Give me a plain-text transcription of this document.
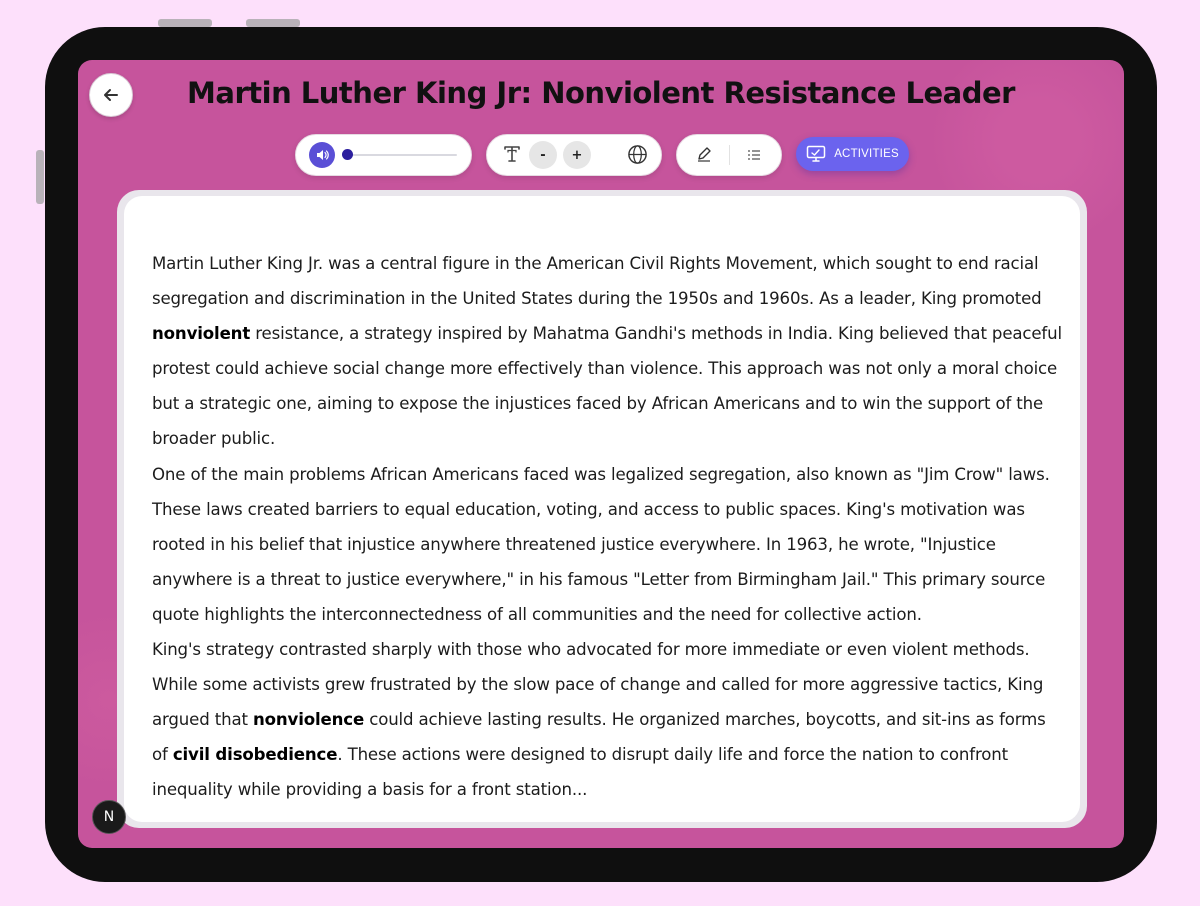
Martin Luther King Jr: Nonviolent Resistance Leader
-	+	ACTIVITIES

Martin Luther King Jr. was a central figure in the American Civil Rights Movement, which sought to end racial segregation and discrimination in the United States during the 1950s and 1960s. As a leader, King promoted nonviolent resistance, a strategy inspired by Mahatma Gandhi's methods in India. King believed that peaceful protest could achieve social change more effectively than violence. This approach was not only a moral choice but a strategic one, aiming to expose the injustices faced by African Americans and to win the support of the broader public.

One of the main problems African Americans faced was legalized segregation, also known as "Jim Crow" laws. These laws created barriers to equal education, voting, and access to public spaces. King's motivation was rooted in his belief that injustice anywhere threatened justice everywhere. In 1963, he wrote, "Injustice anywhere is a threat to justice everywhere," in his famous "Letter from Birmingham Jail." This primary source quote highlights the interconnectedness of all communities and the need for collective action.

King's strategy contrasted sharply with those who advocated for more immediate or even violent methods. While some activists grew frustrated by the slow pace of change and called for more aggressive tactics, King argued that nonviolence could achieve lasting results. He organized marches, boycotts, and sit-ins as forms of civil disobedience. These actions were designed to disrupt daily life and force the nation to confront inequality while providing a basis for a front station...

N
